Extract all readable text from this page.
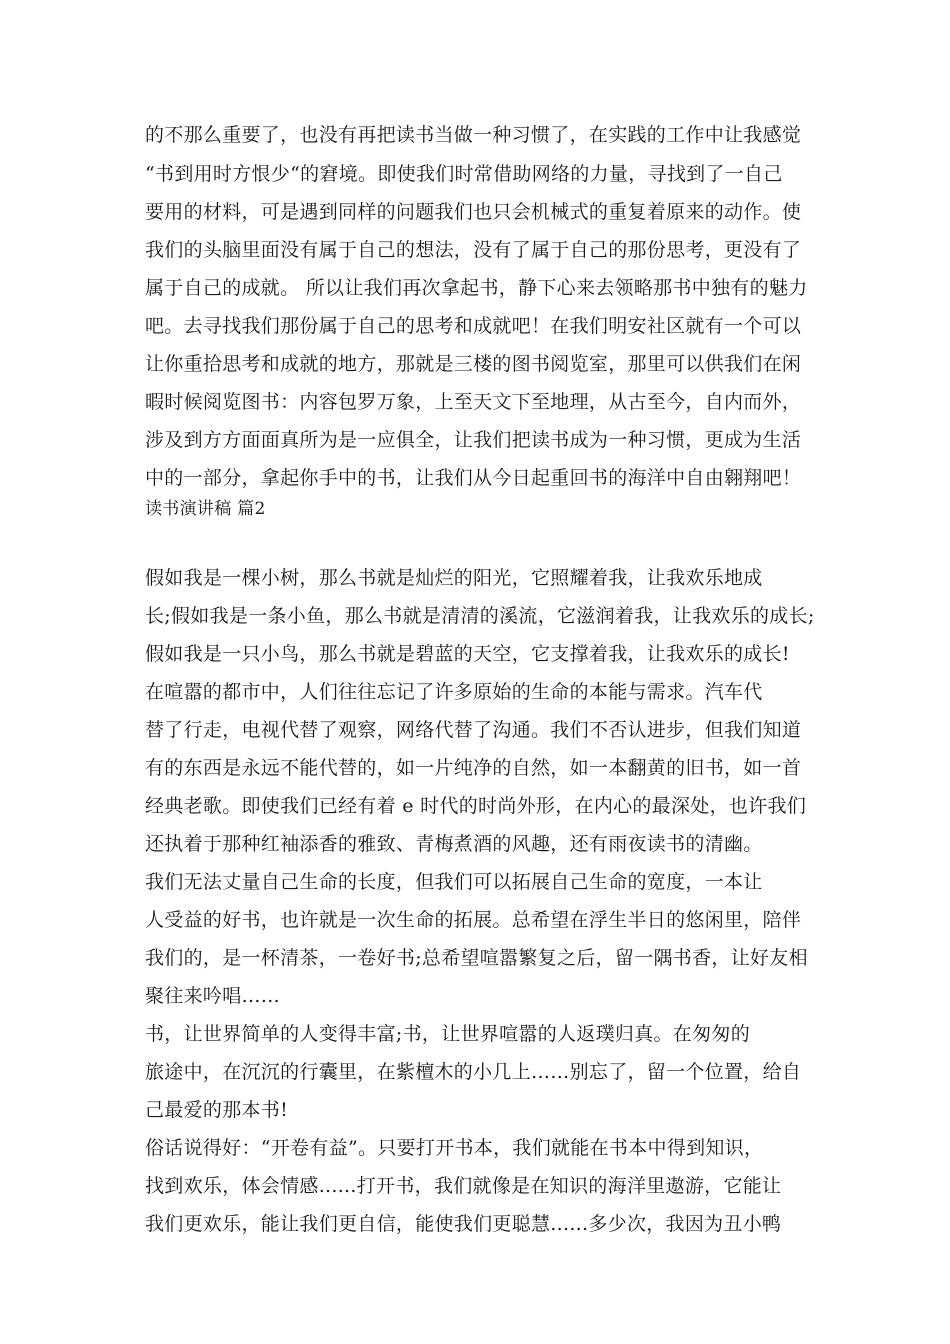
的不那么重要了，也没有再把读书当做一种习惯了，在实践的工作中让我感觉
“书到用时方恨少“的窘境。即使我们时常借助网络的力量，寻找到了一自己
要用的材料，可是遇到同样的问题我们也只会机械式的重复着原来的动作。使
我们的头脑里面没有属于自己的想法，没有了属于自己的那份思考，更没有了
属于自己的成就。 所以让我们再次拿起书，静下心来去领略那书中独有的魅力
吧。去寻找我们那份属于自己的思考和成就吧！在我们明安社区就有一个可以
让你重拾思考和成就的地方，那就是三楼的图书阅览室，那里可以供我们在闲
暇时候阅览图书：内容包罗万象，上至天文下至地理，从古至今，自内而外，
涉及到方方面面真所为是一应俱全，让我们把读书成为一种习惯，更成为生活
中的一部分，拿起你手中的书，让我们从今日起重回书的海洋中自由翱翔吧！
读书演讲稿 篇2
假如我是一棵小树，那么书就是灿烂的阳光，它照耀着我，让我欢乐地成
长;假如我是一条小鱼，那么书就是清清的溪流，它滋润着我，让我欢乐的成长;
假如我是一只小鸟，那么书就是碧蓝的天空，它支撑着我，让我欢乐的成长!
在喧嚣的都市中，人们往往忘记了许多原始的生命的本能与需求。汽车代
替了行走，电视代替了观察，网络代替了沟通。我们不否认进步，但我们知道
有的东西是永远不能代替的，如一片纯净的自然，如一本翻黄的旧书，如一首
经典老歌。即使我们已经有着 e 时代的时尚外形，在内心的最深处，也许我们
还执着于那种红袖添香的雅致、青梅煮酒的风趣，还有雨夜读书的清幽。
我们无法丈量自己生命的长度，但我们可以拓展自己生命的宽度，一本让
人受益的好书，也许就是一次生命的拓展。总希望在浮生半日的悠闲里，陪伴
我们的，是一杯清茶，一卷好书;总希望喧嚣繁复之后，留一隅书香，让好友相
聚往来吟唱……
书，让世界简单的人变得丰富;书，让世界喧嚣的人返璞归真。在匆匆的
旅途中，在沉沉的行囊里，在紫檀木的小几上……别忘了，留一个位置，给自
己最爱的那本书!
俗话说得好：“开卷有益”。只要打开书本，我们就能在书本中得到知识，
找到欢乐，体会情感......打开书，我们就像是在知识的海洋里遨游，它能让
我们更欢乐，能让我们更自信，能使我们更聪慧......多少次，我因为丑小鸭
